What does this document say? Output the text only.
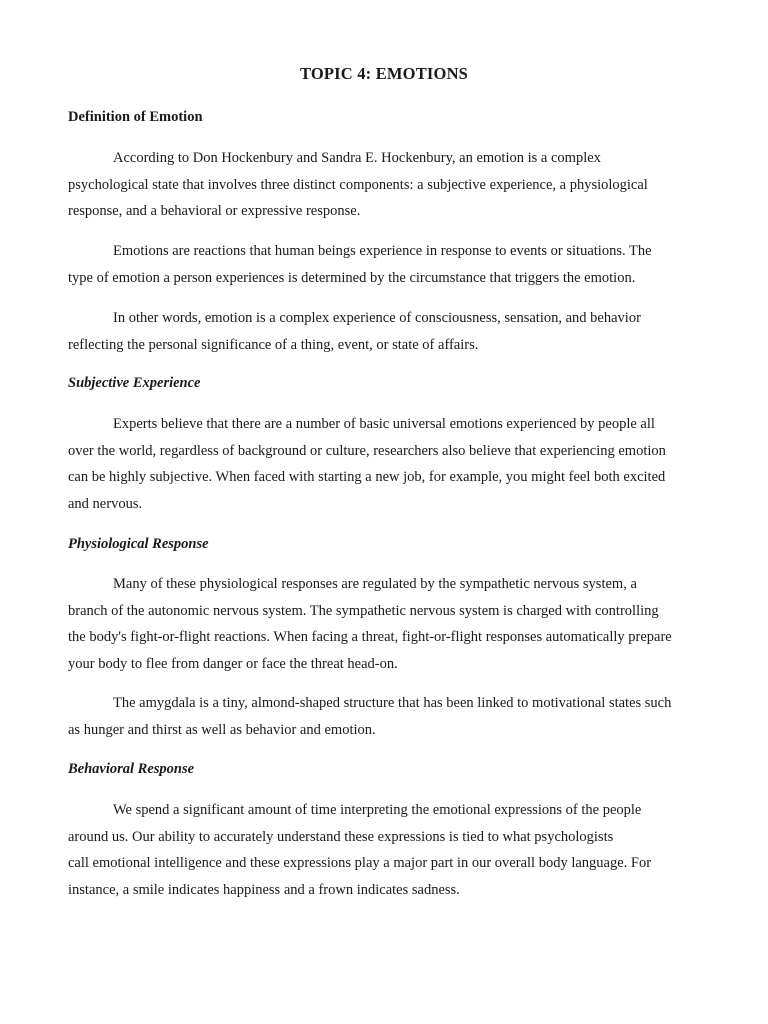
TOPIC 4: EMOTIONS
Definition of Emotion
According to Don Hockenbury and Sandra E. Hockenbury, an emotion is a complex
psychological state that involves three distinct components: a subjective experience, a physiological
response, and a behavioral or expressive response.
Emotions are reactions that human beings experience in response to events or situations. The
type of emotion a person experiences is determined by the circumstance that triggers the emotion.
In other words, emotion is a complex experience of consciousness, sensation, and behavior
reflecting the personal significance of a thing, event, or state of affairs.
Subjective Experience
Experts believe that there are a number of basic universal emotions experienced by people all
over the world, regardless of background or culture, researchers also believe that experiencing emotion
can be highly subjective. When faced with starting a new job, for example, you might feel both excited
and nervous.
Physiological Response
Many of these physiological responses are regulated by the sympathetic nervous system, a
branch of the autonomic nervous system. The sympathetic nervous system is charged with controlling
the body's fight-or-flight reactions. When facing a threat, fight-or-flight responses automatically prepare
your body to flee from danger or face the threat head-on.
The amygdala is a tiny, almond-shaped structure that has been linked to motivational states such
as hunger and thirst as well as behavior and emotion.
Behavioral Response
We spend a significant amount of time interpreting the emotional expressions of the people
around us. Our ability to accurately understand these expressions is tied to what psychologists
call emotional intelligence and these expressions play a major part in our overall body language. For
instance, a smile indicates happiness and a frown indicates sadness.
